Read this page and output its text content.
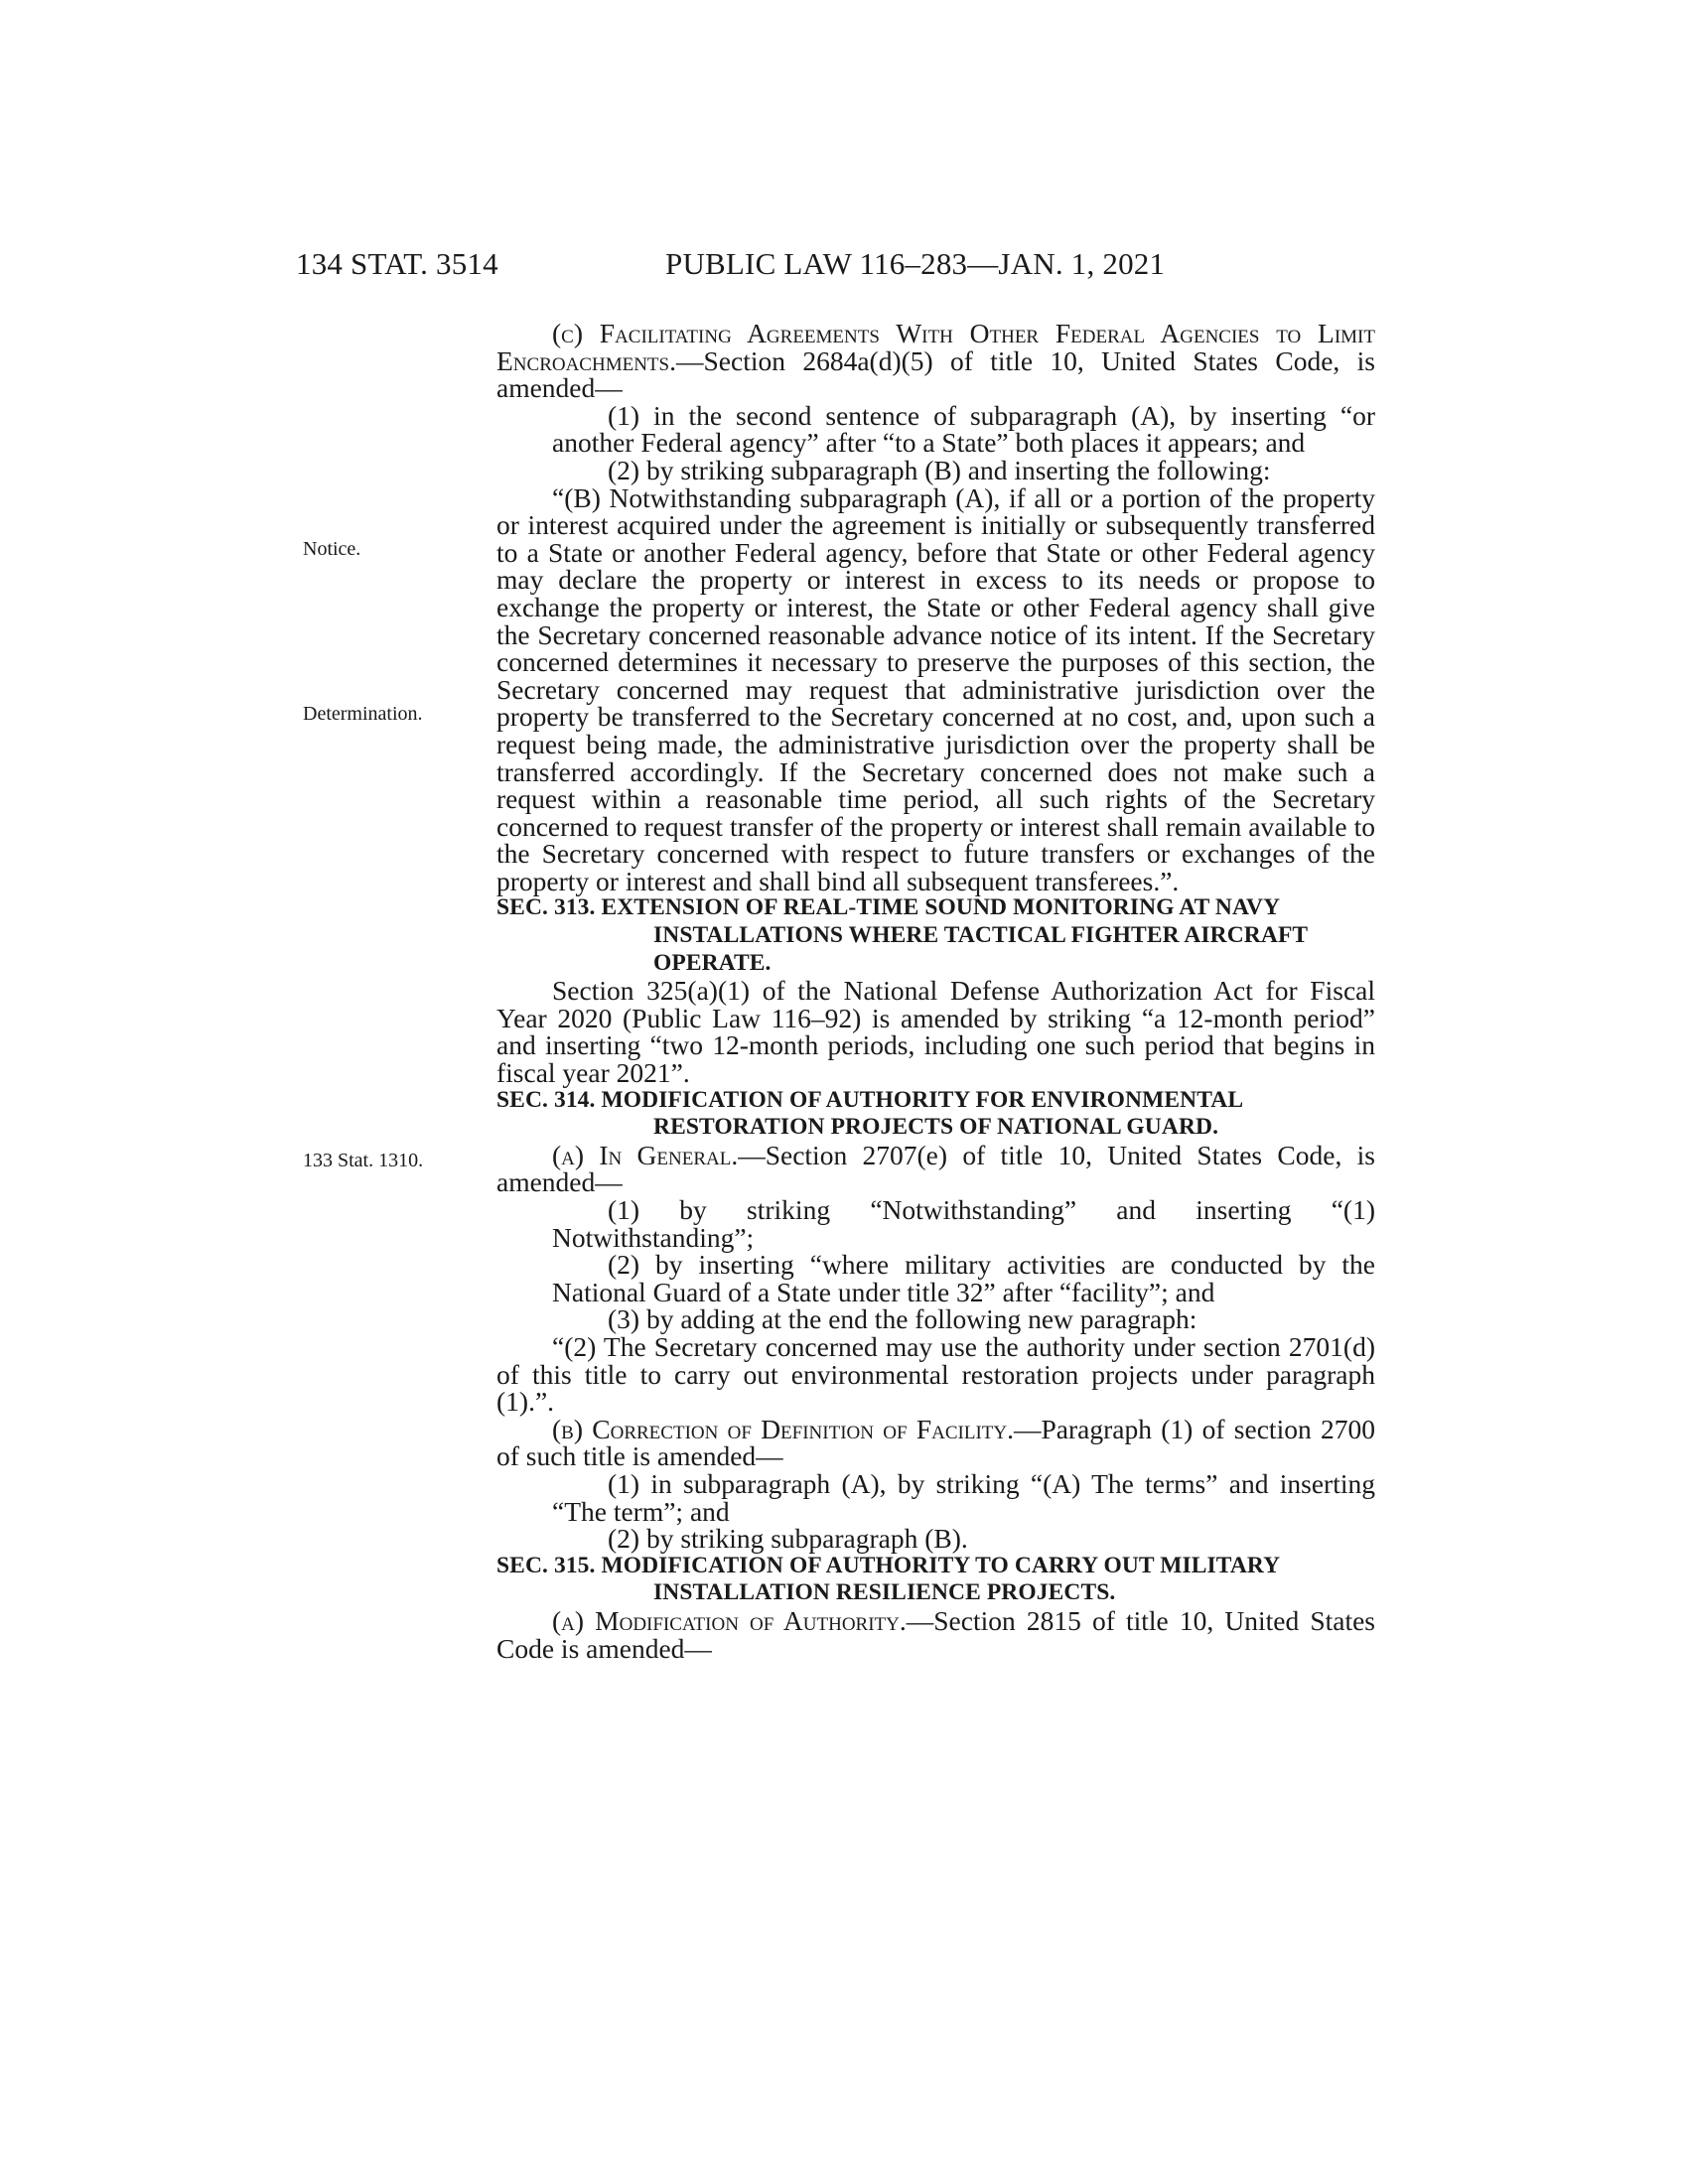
134 STAT. 3514	PUBLIC LAW 116–283—JAN. 1, 2021
Notice.
Determination.
133 Stat. 1310.

(c) Facilitating Agreements With Other Federal Agencies to Limit Encroachments.—Section 2684a(d)(5) of title 10, United States Code, is amended—

(1) in the second sentence of subparagraph (A), by inserting “or another Federal agency” after “to a State” both places it appears; and

(2) by striking subparagraph (B) and inserting the following:

“(B) Notwithstanding subparagraph (A), if all or a portion of the property or interest acquired under the agreement is initially or subsequently transferred to a State or another Federal agency, before that State or other Federal agency may declare the property or interest in excess to its needs or propose to exchange the property or interest, the State or other Federal agency shall give the Secretary concerned reasonable advance notice of its intent. If the Secretary concerned determines it necessary to preserve the purposes of this section, the Secretary concerned may request that administrative jurisdiction over the property be transferred to the Secretary concerned at no cost, and, upon such a request being made, the administrative jurisdiction over the property shall be transferred accordingly. If the Secretary concerned does not make such a request within a reasonable time period, all such rights of the Secretary concerned to request transfer of the property or interest shall remain available to the Secretary concerned with respect to future transfers or exchanges of the property or interest and shall bind all subsequent transferees.”.

SEC. 313. EXTENSION OF REAL-TIME SOUND MONITORING AT NAVY INSTALLATIONS WHERE TACTICAL FIGHTER AIRCRAFT OPERATE.

Section 325(a)(1) of the National Defense Authorization Act for Fiscal Year 2020 (Public Law 116–92) is amended by striking “a 12-month period” and inserting “two 12-month periods, including one such period that begins in fiscal year 2021”.

SEC. 314. MODIFICATION OF AUTHORITY FOR ENVIRONMENTAL RESTORATION PROJECTS OF NATIONAL GUARD.

(a) In General.—Section 2707(e) of title 10, United States Code, is amended—

(1) by striking “Notwithstanding” and inserting “(1) Notwithstanding”;

(2) by inserting “where military activities are conducted by the National Guard of a State under title 32” after “facility”; and

(3) by adding at the end the following new paragraph:

“(2) The Secretary concerned may use the authority under section 2701(d) of this title to carry out environmental restoration projects under paragraph (1).”.

(b) Correction of Definition of Facility.—Paragraph (1) of section 2700 of such title is amended—

(1) in subparagraph (A), by striking “(A) The terms” and inserting “The term”; and

(2) by striking subparagraph (B).

SEC. 315. MODIFICATION OF AUTHORITY TO CARRY OUT MILITARY INSTALLATION RESILIENCE PROJECTS.

(a) Modification of Authority.—Section 2815 of title 10, United States Code is amended—
